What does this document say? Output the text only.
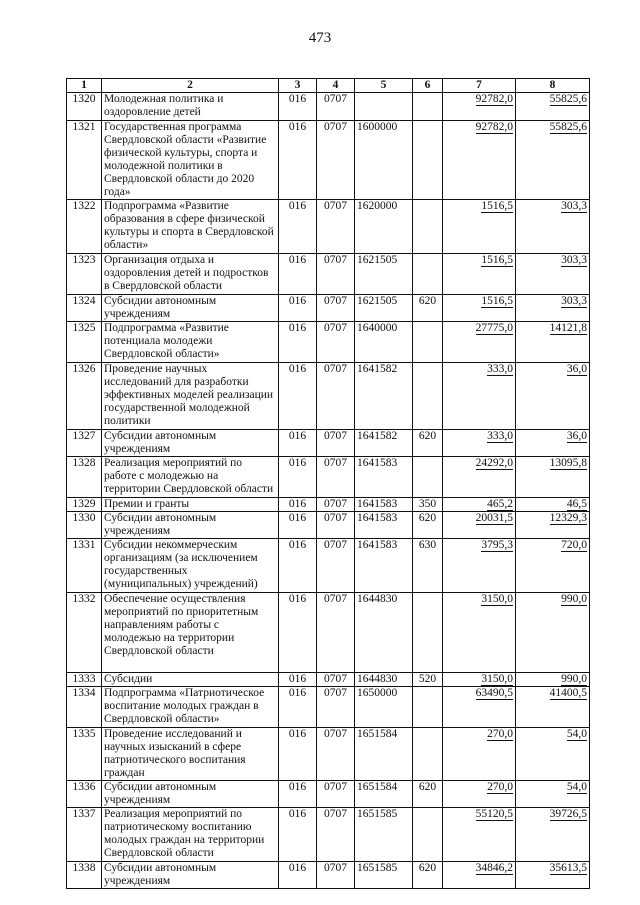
473
1	2	3	4	5	6	7	8
1320	Молодежная политика и оздоровление детей	016	0707			92782,0	55825,6
1321	Государственная программа Свердловской области «Развитие физической культуры, спорта и молодежной политики в Свердловской области до 2020 года»	016	0707	1600000		92782,0	55825,6
1322	Подпрограмма «Развитие образования в сфере физической культуры и спорта в Свердловской области»	016	0707	1620000		1516,5	303,3
1323	Организация отдыха и оздоровления детей и подростков в Свердловской области	016	0707	1621505		1516,5	303,3
1324	Субсидии автономным учреждениям	016	0707	1621505	620	1516,5	303,3
1325	Подпрограмма «Развитие потенциала молодежи Свердловской области»	016	0707	1640000		27775,0	14121,8
1326	Проведение научных исследований для разработки эффективных моделей реализации государственной молодежной политики	016	0707	1641582		333,0	36,0
1327	Субсидии автономным учреждениям	016	0707	1641582	620	333,0	36,0
1328	Реализация мероприятий по работе с молодежью на территории Свердловской области	016	0707	1641583		24292,0	13095,8
1329	Премии и гранты	016	0707	1641583	350	465,2	46,5
1330	Субсидии автономным учреждениям	016	0707	1641583	620	20031,5	12329,3
1331	Субсидии некоммерческим организациям (за исключением государственных (муниципальных) учреждений)	016	0707	1641583	630	3795,3	720,0
1332	Обеспечение осуществления мероприятий по приоритетным направлениям работы с молодежью на территории Свердловской области	016	0707	1644830		3150,0	990,0
1333	Субсидии	016	0707	1644830	520	3150,0	990,0
1334	Подпрограмма «Патриотическое воспитание молодых граждан в Свердловской области»	016	0707	1650000		63490,5	41400,5
1335	Проведение исследований и научных изысканий в сфере патриотического воспитания граждан	016	0707	1651584		270,0	54,0
1336	Субсидии автономным учреждениям	016	0707	1651584	620	270,0	54,0
1337	Реализация мероприятий по патриотическому воспитанию молодых граждан на территории Свердловской области	016	0707	1651585		55120,5	39726,5
1338	Субсидии автономным учреждениям	016	0707	1651585	620	34846,2	35613,5
